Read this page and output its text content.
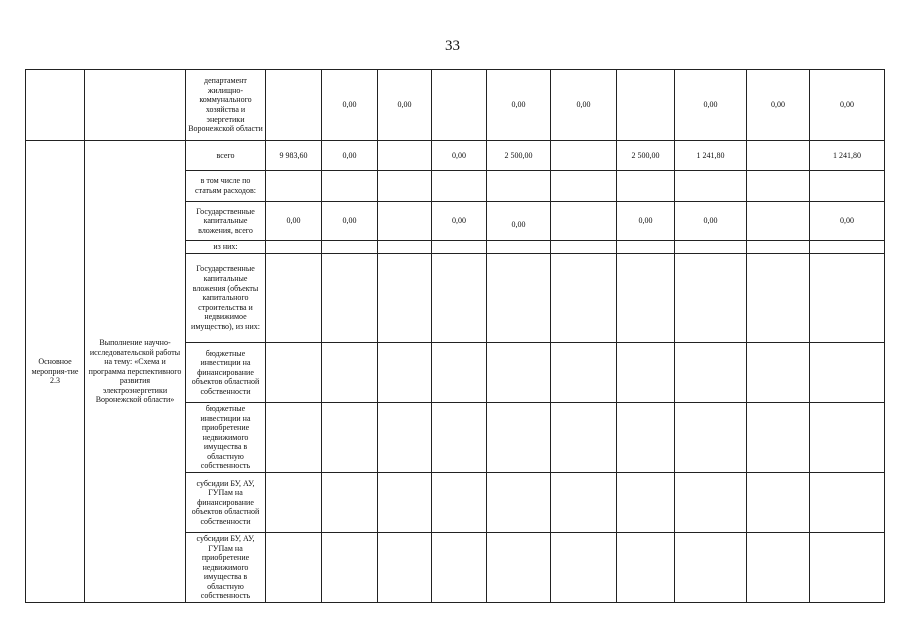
33
		департамент жилищно-коммунального хозяйства и энергетики Воронежской области		0,00	0,00		0,00	0,00		0,00	0,00	0,00
Основное мероприя-тие 2.3	Выполнение научно-исследовательской работы на тему: «Схема и программа перспективного развития электроэнергетики Воронежской области»	всего	9 983,60	0,00		0,00	2 500,00		2 500,00	1 241,80		1 241,80
		в том числе по статьям расходов:										
		Государственные капитальные вложения, всего	0,00	0,00		0,00	0,00		0,00	0,00		0,00
		из них:										
		Государственные капитальные вложения (объекты капитального строительства и недвижимое имущество), из них:										
		бюджетные инвестиции на финансирование объектов областной собственности										
		бюджетные инвестиции на приобретение недвижимого имущества в областную собственность										
		субсидии БУ, АУ, ГУПам на финансирование объектов областной собственности										
		субсидии БУ, АУ, ГУПам на приобретение недвижимого имущества в областную собственность										
